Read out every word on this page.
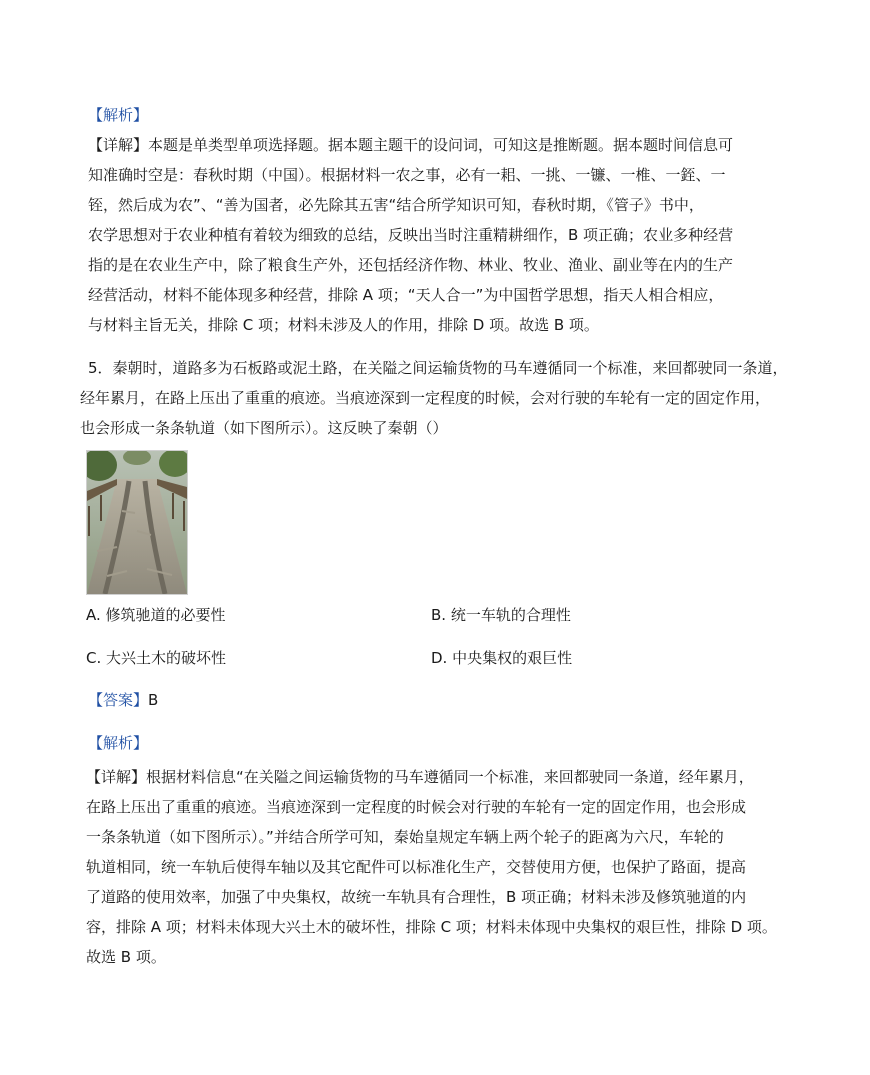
【解析】
【详解】本题是单类型单项选择题。据本题主题干的设问词，可知这是推断题。据本题时间信息可
知准确时空是：春秋时期（中国）。根据材料一农之事，必有一耜、一挑、一镰、一椎、一銍、一
铚，然后成为农”、“善为国者，必先除其五害“结合所学知识可知，春秋时期，《管子》书中，
农学思想对于农业种植有着较为细致的总结，反映出当时注重精耕细作，B 项正确；农业多种经营
指的是在农业生产中，除了粮食生产外，还包括经济作物、林业、牧业、渔业、副业等在内的生产
经营活动，材料不能体现多种经营，排除 A 项；“天人合一”为中国哲学思想，指天人相合相应，
与材料主旨无关，排除 C 项；材料未涉及人的作用，排除 D 项。故选 B 项。
5．秦朝时，道路多为石板路或泥土路，在关隘之间运输货物的马车遵循同一个标准，来回都驶同一条道，
经年累月，在路上压出了重重的痕迹。当痕迹深到一定程度的时候，会对行驶的车轮有一定的固定作用，
也会形成一条条轨道（如下图所示）。这反映了秦朝（）
A. 修筑驰道的必要性	B. 统一车轨的合理性
C. 大兴土木的破坏性	D. 中央集权的艰巨性
【答案】B
【解析】
【详解】根据材料信息“在关隘之间运输货物的马车遵循同一个标准，来回都驶同一条道，经年累月，
在路上压出了重重的痕迹。当痕迹深到一定程度的时候会对行驶的车轮有一定的固定作用，也会形成
一条条轨道（如下图所示）。”并结合所学可知，秦始皇规定车辆上两个轮子的距离为六尺，车轮的
轨道相同，统一车轨后使得车轴以及其它配件可以标准化生产，交替使用方便，也保护了路面，提高
了道路的使用效率，加强了中央集权，故统一车轨具有合理性，B 项正确；材料未涉及修筑驰道的内
容，排除 A 项；材料未体现大兴土木的破坏性，排除 C 项；材料未体现中央集权的艰巨性，排除 D 项。
故选 B 项。
